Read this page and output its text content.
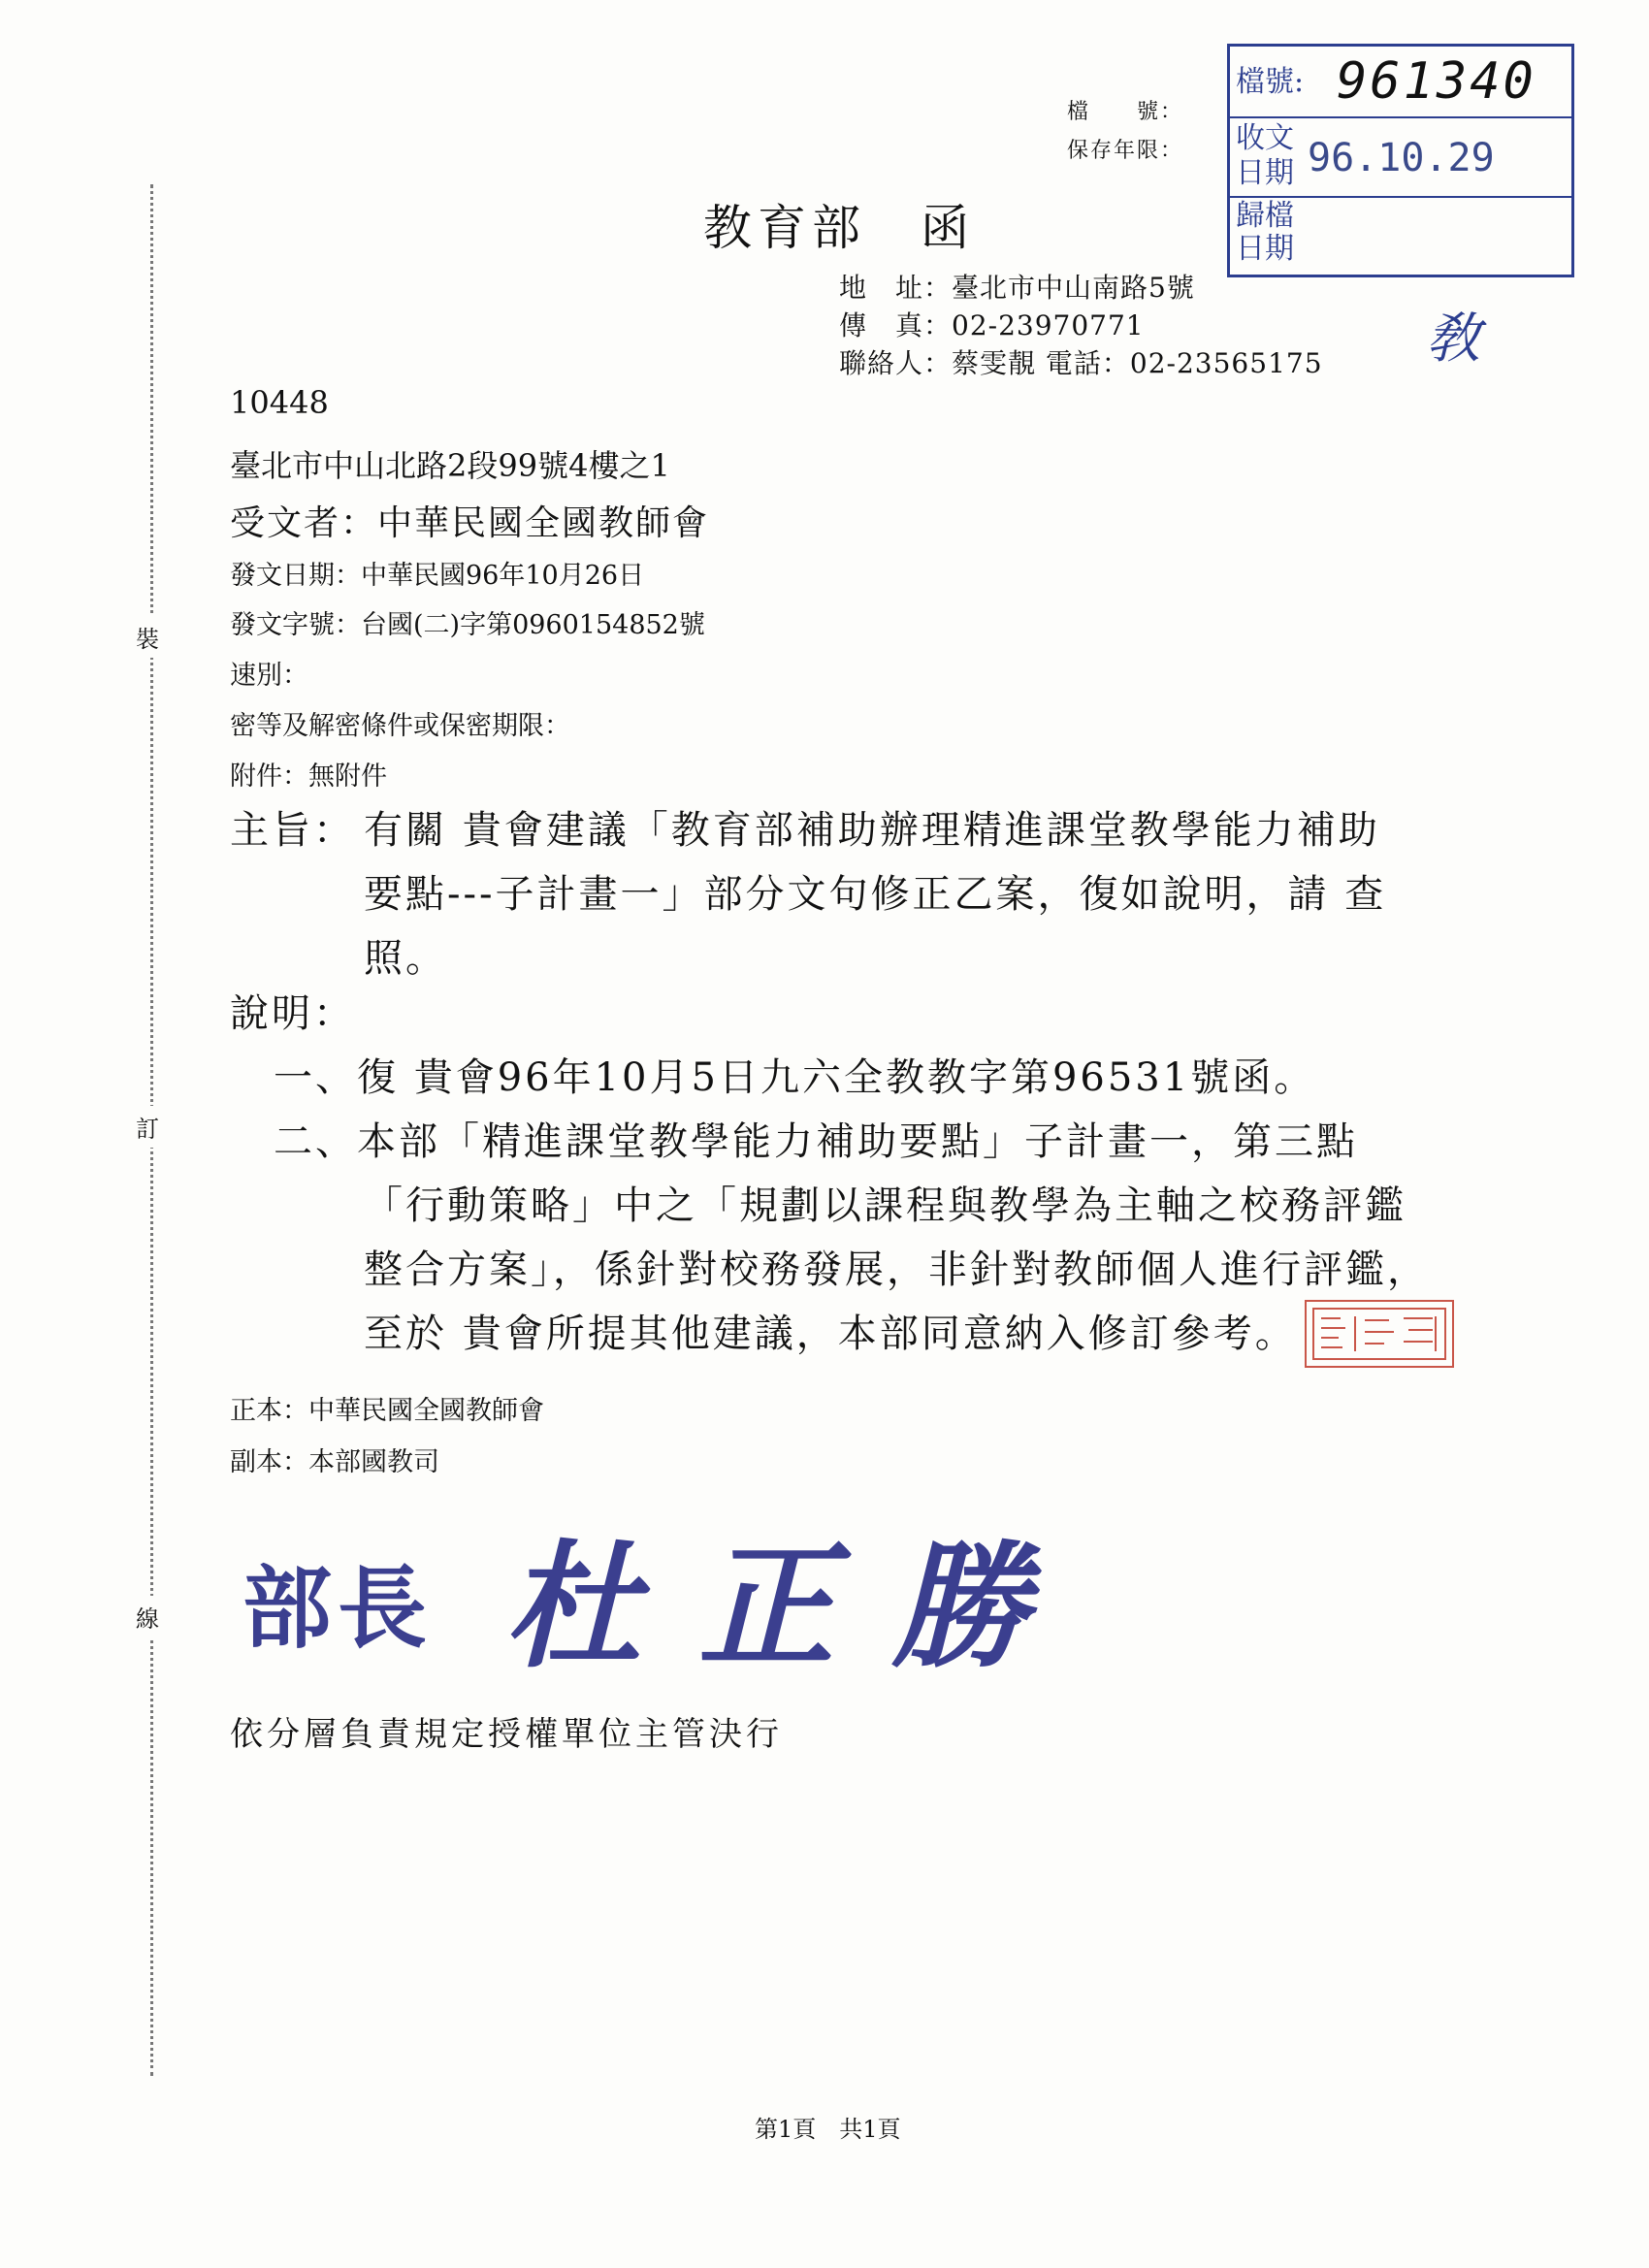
裝
訂
線
檔　　號：
保存年限：
檔號: 961340
收文
日期 96.10.29
歸檔
日期
敎
教育部　函
地　址：臺北市中山南路5號
傳　真：02-23970771
聯絡人：蔡雯靚 電話：02-23565175
10448
臺北市中山北路2段99號4樓之1
受文者：中華民國全國教師會
發文日期：中華民國96年10月26日
發文字號：台國(二)字第0960154852號
速別：
密等及解密條件或保密期限：
附件：無附件
主旨： 有關 貴會建議「教育部補助辦理精進課堂教學能力補助
要點---子計畫一」部分文句修正乙案，復如說明，請 查
照。
說明：
一、復 貴會96年10月5日九六全教教字第96531號函。
二、本部「精進課堂教學能力補助要點」子計畫一，第三點
「行動策略」中之「規劃以課程與教學為主軸之校務評鑑
整合方案」，係針對校務發展，非針對教師個人進行評鑑，
至於 貴會所提其他建議，本部同意納入修訂參考。
正本：中華民國全國教師會
副本：本部國教司
部長 杜正勝
依分層負責規定授權單位主管決行
第1頁　共1頁
